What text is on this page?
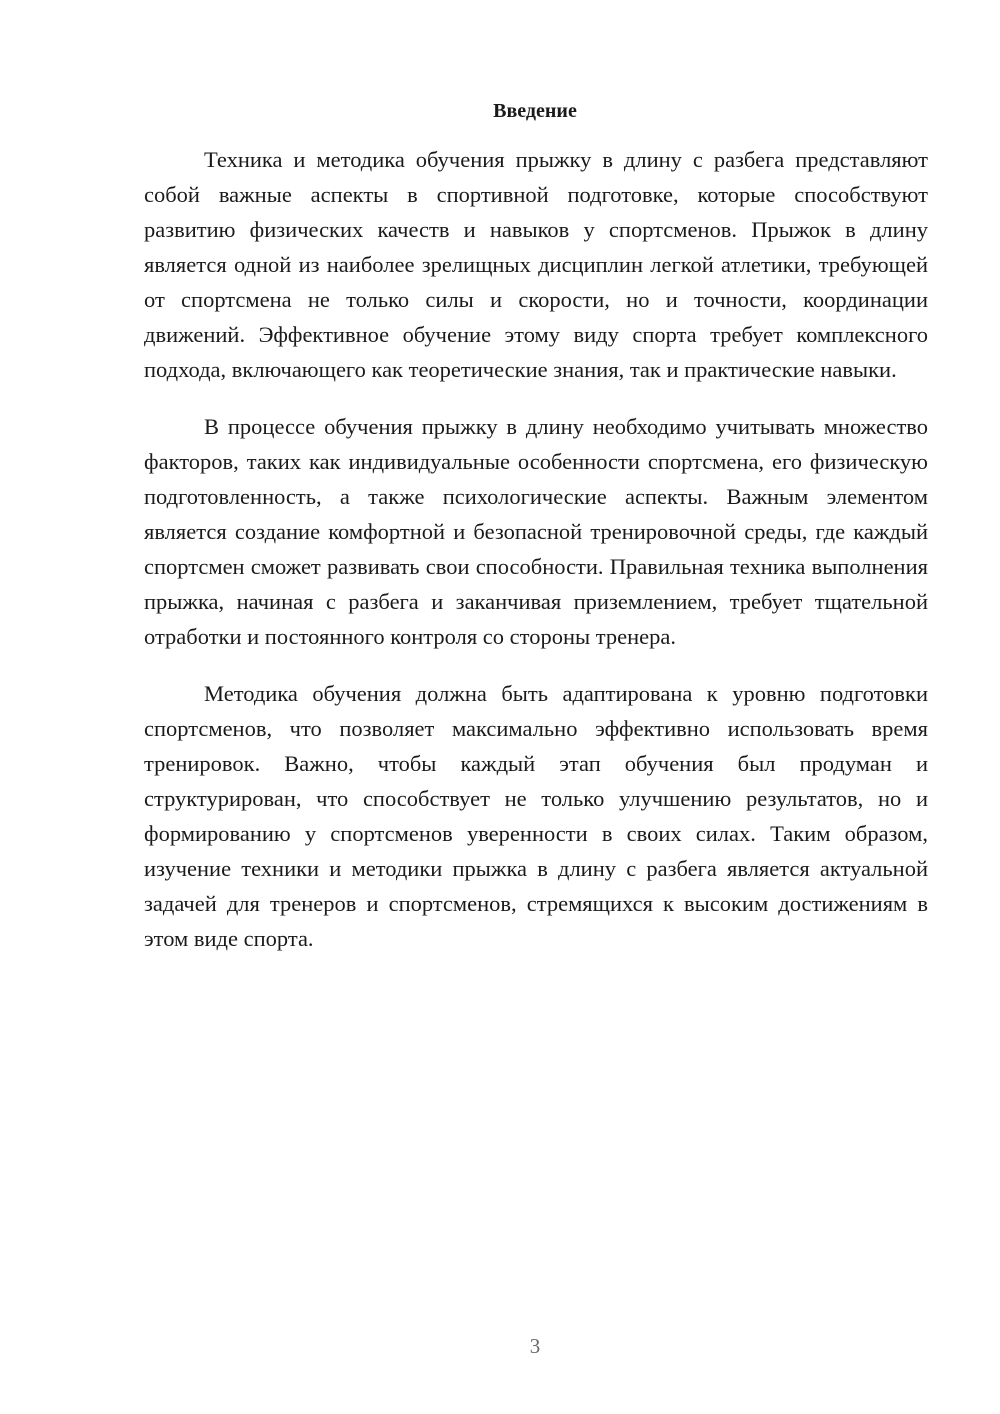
Введение

Техника и методика обучения прыжку в длину с разбега представляют собой важные аспекты в спортивной подготовке, которые способствуют развитию физических качеств и навыков у спортсменов. Прыжок в длину является одной из наиболее зрелищных дисциплин легкой атлетики, требующей от спортсмена не только силы и скорости, но и точности, координации движений. Эффективное обучение этому виду спорта требует комплексного подхода, включающего как теоретические знания, так и практические навыки.

В процессе обучения прыжку в длину необходимо учитывать множество факторов, таких как индивидуальные особенности спортсмена, его физическую подготовленность, а также психологические аспекты. Важным элементом является создание комфортной и безопасной тренировочной среды, где каждый спортсмен сможет развивать свои способности. Правильная техника выполнения прыжка, начиная с разбега и заканчивая приземлением, требует тщательной отработки и постоянного контроля со стороны тренера.

Методика обучения должна быть адаптирована к уровню подготовки спортсменов, что позволяет максимально эффективно использовать время тренировок. Важно, чтобы каждый этап обучения был продуман и структурирован, что способствует не только улучшению результатов, но и формированию у спортсменов уверенности в своих силах. Таким образом, изучение техники и методики прыжка в длину с разбега является актуальной задачей для тренеров и спортсменов, стремящихся к высоким достижениям в этом виде спорта.

3
